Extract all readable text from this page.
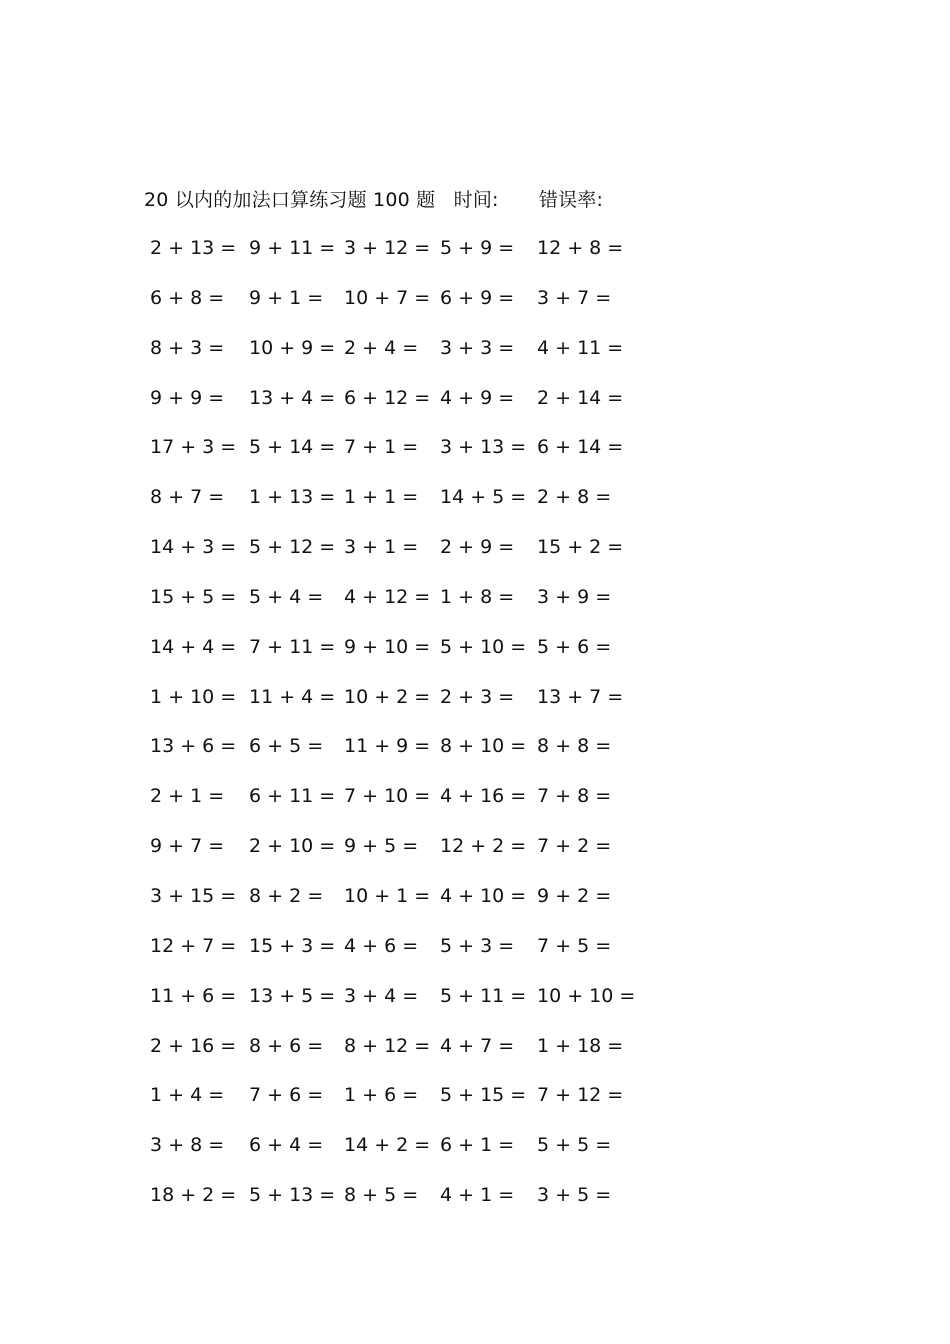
20 以内的加法口算练习题 100 题 时间: 错误率:
2 + 13 = 9 + 11 = 3 + 12 = 5 + 9 = 12 + 8 =
6 + 8 = 9 + 1 = 10 + 7 = 6 + 9 = 3 + 7 =
8 + 3 = 10 + 9 = 2 + 4 = 3 + 3 = 4 + 11 =
9 + 9 = 13 + 4 = 6 + 12 = 4 + 9 = 2 + 14 =
17 + 3 = 5 + 14 = 7 + 1 = 3 + 13 = 6 + 14 =
8 + 7 = 1 + 13 = 1 + 1 = 14 + 5 = 2 + 8 =
14 + 3 = 5 + 12 = 3 + 1 = 2 + 9 = 15 + 2 =
15 + 5 = 5 + 4 = 4 + 12 = 1 + 8 = 3 + 9 =
14 + 4 = 7 + 11 = 9 + 10 = 5 + 10 = 5 + 6 =
1 + 10 = 11 + 4 = 10 + 2 = 2 + 3 = 13 + 7 =
13 + 6 = 6 + 5 = 11 + 9 = 8 + 10 = 8 + 8 =
2 + 1 = 6 + 11 = 7 + 10 = 4 + 16 = 7 + 8 =
9 + 7 = 2 + 10 = 9 + 5 = 12 + 2 = 7 + 2 =
3 + 15 = 8 + 2 = 10 + 1 = 4 + 10 = 9 + 2 =
12 + 7 = 15 + 3 = 4 + 6 = 5 + 3 = 7 + 5 =
11 + 6 = 13 + 5 = 3 + 4 = 5 + 11 = 10 + 10 =
2 + 16 = 8 + 6 = 8 + 12 = 4 + 7 = 1 + 18 =
1 + 4 = 7 + 6 = 1 + 6 = 5 + 15 = 7 + 12 =
3 + 8 = 6 + 4 = 14 + 2 = 6 + 1 = 5 + 5 =
18 + 2 = 5 + 13 = 8 + 5 = 4 + 1 = 3 + 5 =
